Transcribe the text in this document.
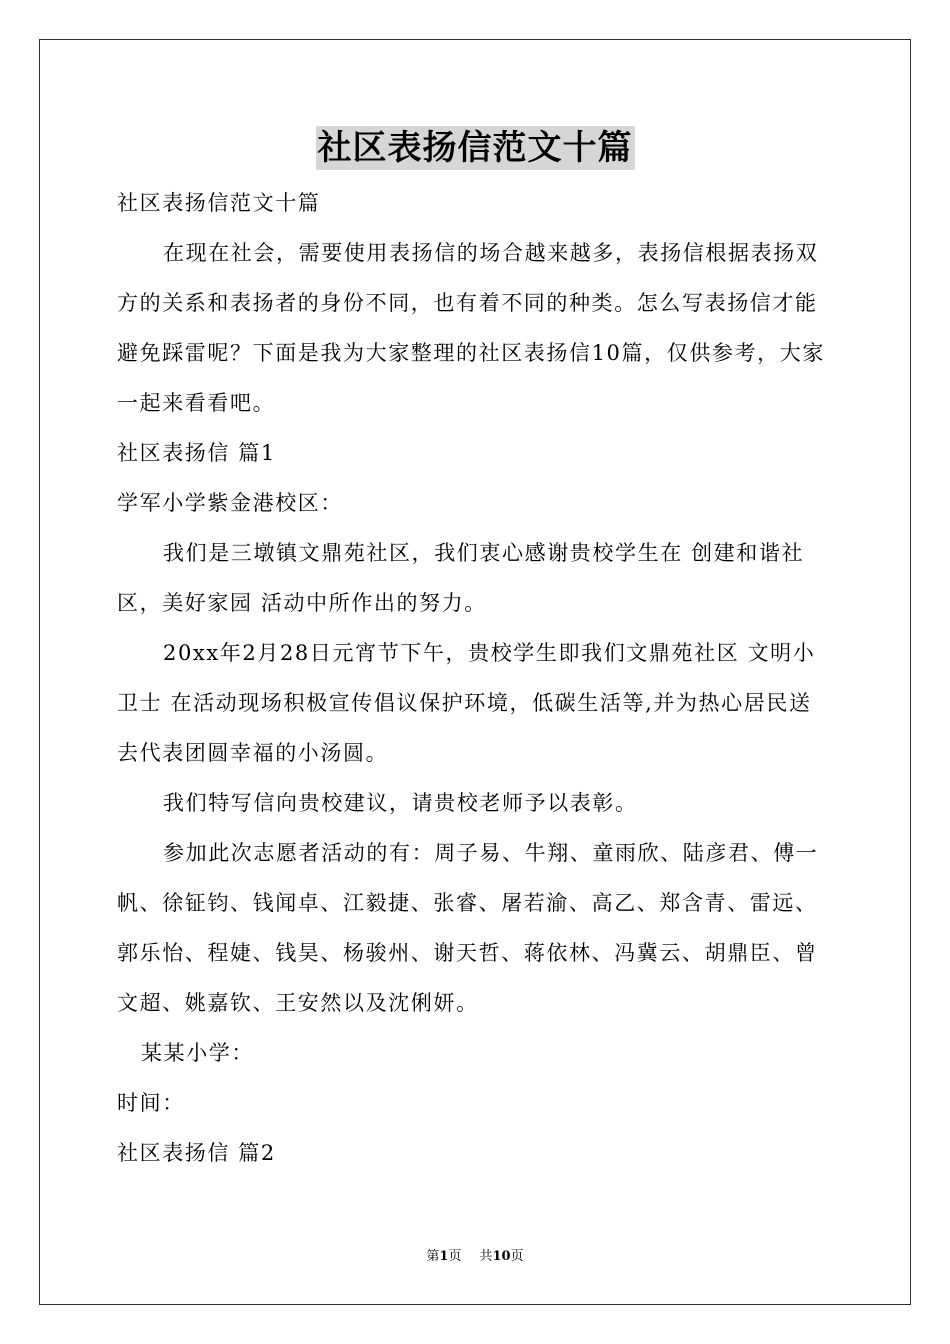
社区表扬信范文十篇

社区表扬信范文十篇

在现在社会，需要使用表扬信的场合越来越多，表扬信根据表扬双方的关系和表扬者的身份不同，也有着不同的种类。怎么写表扬信才能避免踩雷呢？下面是我为大家整理的社区表扬信10篇，仅供参考，大家一起来看看吧。

社区表扬信 篇1

学军小学紫金港校区：

我们是三墩镇文鼎苑社区，我们衷心感谢贵校学生在 创建和谐社区，美好家园 活动中所作出的努力。

20xx年2月28日元宵节下午，贵校学生即我们文鼎苑社区 文明小卫士 在活动现场积极宣传倡议保护环境，低碳生活等,并为热心居民送去代表团圆幸福的小汤圆。

我们特写信向贵校建议，请贵校老师予以表彰。

参加此次志愿者活动的有：周子易、牛翔、童雨欣、陆彦君、傅一帆、徐钲钧、钱闻卓、江毅捷、张睿、屠若渝、高乙、郑含青、雷远、郭乐怡、程婕、钱昊、杨骏州、谢天哲、蒋依林、冯冀云、胡鼎臣、曾文超、姚嘉钦、王安然以及沈俐妍。

某某小学：

时间：

社区表扬信 篇2

第1页 共10页
